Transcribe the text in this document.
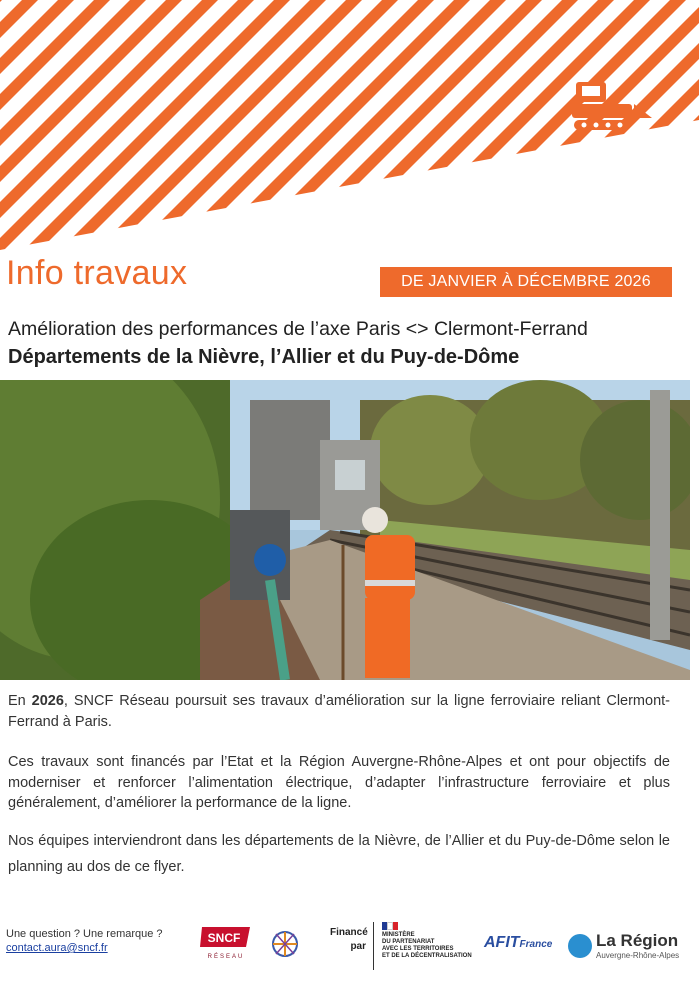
Info travaux	DE JANVIER À DÉCEMBRE 2026
Amélioration des performances de l’axe Paris <> Clermont-Ferrand
Départements de la Nièvre, l’Allier et du Puy-de-Dôme
En 2026, SNCF Réseau poursuit ses travaux d’amélioration sur la ligne ferroviaire reliant Clermont-Ferrand à Paris.
Ces travaux sont financés par l’Etat et la Région Auvergne-Rhône-Alpes et ont pour objectifs de moderniser et renforcer l’alimentation électrique, d’adapter l’infrastructure ferroviaire et plus généralement, d’améliorer la performance de la ligne.
Nos équipes interviendront dans les départements de la Nièvre, de l’Allier et du Puy-de-Dôme selon le planning au dos de ce flyer.
Une question ? Une remarque ?
contact.aura@sncf.fr
SNCF
RÉSEAU
Financé
par
MINISTÈRE
DU PARTENARIAT
AVEC LES TERRITOIRES
ET DE LA DÉCENTRALISATION
AFITFrance	La Région
Auvergne-Rhône-Alpes
